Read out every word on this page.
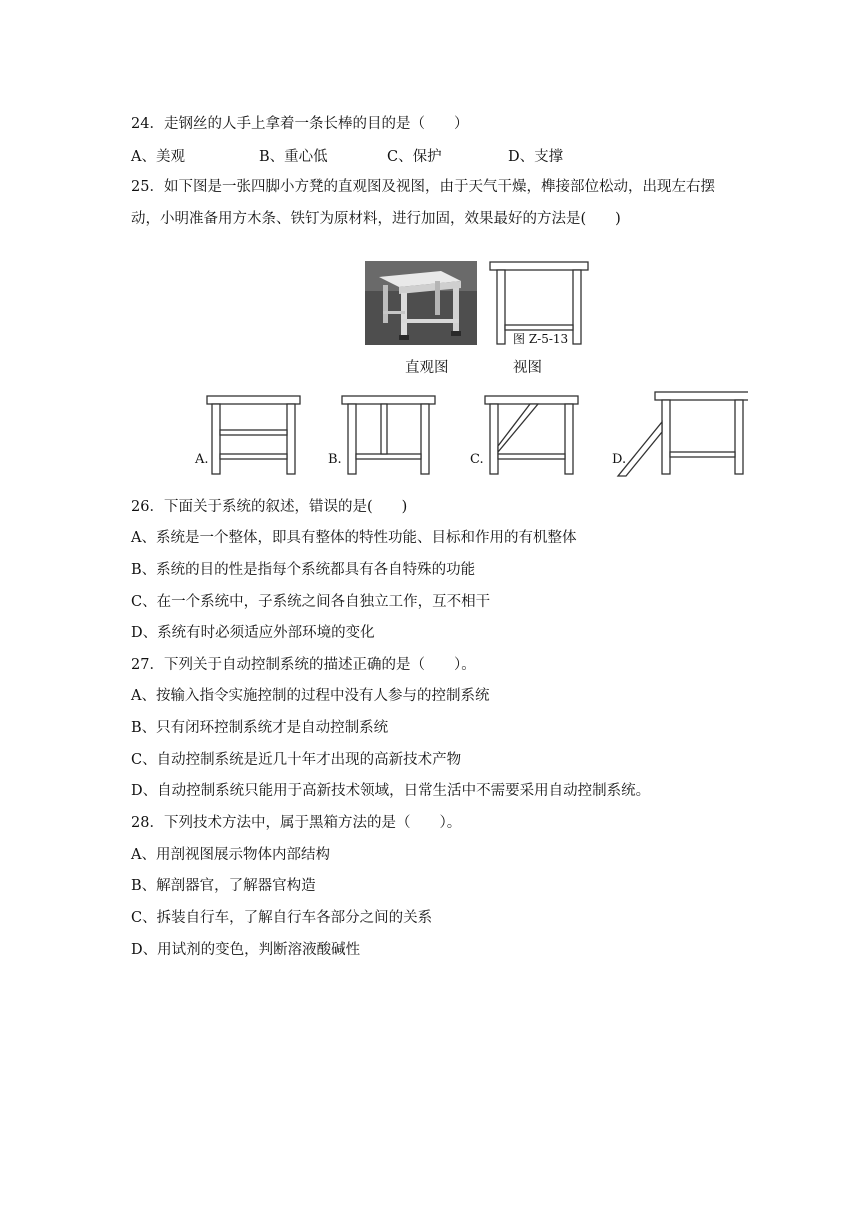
24．走钢丝的人手上拿着一条长棒的目的是（　　）
A、美观	B、重心低	C、保护	D、支撑
25．如下图是一张四脚小方凳的直观图及视图，由于天气干燥，榫接部位松动，出现左右摆
动，小明准备用方木条、铁钉为原材料，进行加固，效果最好的方法是(　　)
图 Z-5-13
直观图	视图
A.	B.	C.	D.
26．下面关于系统的叙述，错误的是(　　)
A、系统是一个整体，即具有整体的特性功能、目标和作用的有机整体
B、系统的目的性是指每个系统都具有各自特殊的功能
C、在一个系统中，子系统之间各自独立工作，互不相干
D、系统有时必须适应外部环境的变化
27．下列关于自动控制系统的描述正确的是（　　）。
A、按输入指令实施控制的过程中没有人参与的控制系统
B、只有闭环控制系统才是自动控制系统
C、自动控制系统是近几十年才出现的高新技术产物
D、自动控制系统只能用于高新技术领域，日常生活中不需要采用自动控制系统。
28．下列技术方法中，属于黑箱方法的是（　　）。
A、用剖视图展示物体内部结构
B、解剖器官，了解器官构造
C、拆装自行车，了解自行车各部分之间的关系
D、用试剂的变色，判断溶液酸碱性
